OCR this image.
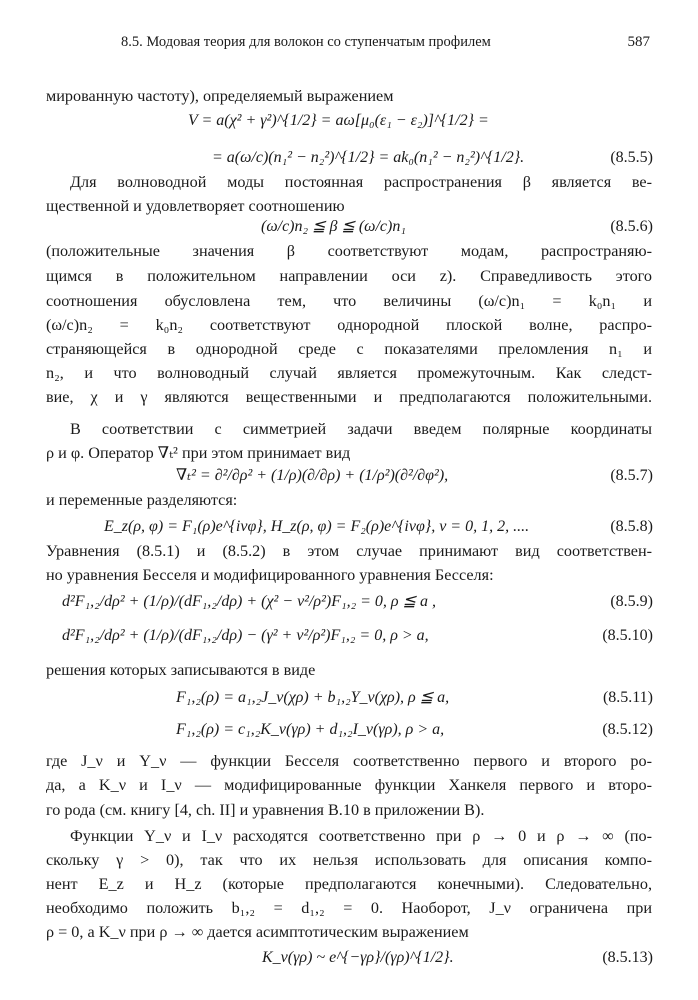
8.5. Модовая теория для волокон со ступенчатым профилем	587
мированную частоту), определяемый выражением
V = a(χ² + γ²)^{1/2} = aω[μ₀(ε₁ − ε₂)]^{1/2} =
= a(ω/c)(n₁² − n₂²)^{1/2} = ak₀(n₁² − n₂²)^{1/2}.	(8.5.5)
Для волноводной моды постоянная распространения β является ве-
щественной и удовлетворяет соотношению
(ω/c)n₂ ≦ β ≦ (ω/c)n₁	(8.5.6)
(положительные значения β соответствуют модам, распространяю-
щимся в положительном направлении оси z). Справедливость этого
соотношения обусловлена тем, что величины (ω/c)n₁ = k₀n₁ и
(ω/c)n₂ = k₀n₂ соответствуют однородной плоской волне, распро-
страняющейся в однородной среде с показателями преломления n₁ и
n₂, и что волноводный случай является промежуточным. Как следст-
вие, χ и γ являются вещественными и предполагаются положительными.
В соответствии с симметрией задачи введем полярные координаты
ρ и φ. Оператор ∇ₜ² при этом принимает вид
∇ₜ² = ∂²/∂ρ² + (1/ρ)(∂/∂ρ) + (1/ρ²)(∂²/∂φ²),	(8.5.7)
и переменные разделяются:
E_z(ρ, φ) = F₁(ρ)e^{iνφ}, H_z(ρ, φ) = F₂(ρ)e^{iνφ}, ν = 0, 1, 2, ....	(8.5.8)
Уравнения (8.5.1) и (8.5.2) в этом случае принимают вид соответствен-
но уравнения Бесселя и модифицированного уравнения Бесселя:
d²F₁,₂/dρ² + (1/ρ)/(dF₁,₂/dρ) + (χ² − ν²/ρ²)F₁,₂ = 0, ρ ≦ a ,	(8.5.9)
d²F₁,₂/dρ² + (1/ρ)/(dF₁,₂/dρ) − (γ² + ν²/ρ²)F₁,₂ = 0, ρ > a,	(8.5.10)
решения которых записываются в виде
F₁,₂(ρ) = a₁,₂J_ν(χρ) + b₁,₂Y_ν(χρ), ρ ≦ a,	(8.5.11)
F₁,₂(ρ) = c₁,₂K_ν(γρ) + d₁,₂I_ν(γρ), ρ > a,	(8.5.12)
где J_ν и Y_ν — функции Бесселя соответственно первого и второго ро-
да, а K_ν и I_ν — модифицированные функции Ханкеля первого и второ-
го рода (см. книгу [4, ch. II] и уравнения B.10 в приложении B).
Функции Y_ν и I_ν расходятся соответственно при ρ → 0 и ρ → ∞ (по-
скольку γ > 0), так что их нельзя использовать для описания компо-
нент E_z и H_z (которые предполагаются конечными). Следовательно,
необходимо положить b₁,₂ = d₁,₂ = 0. Наоборот, J_ν ограничена при
ρ = 0, а K_ν при ρ → ∞ дается асимптотическим выражением
K_ν(γρ) ~ e^{−γρ}/(γρ)^{1/2}.	(8.5.13)
